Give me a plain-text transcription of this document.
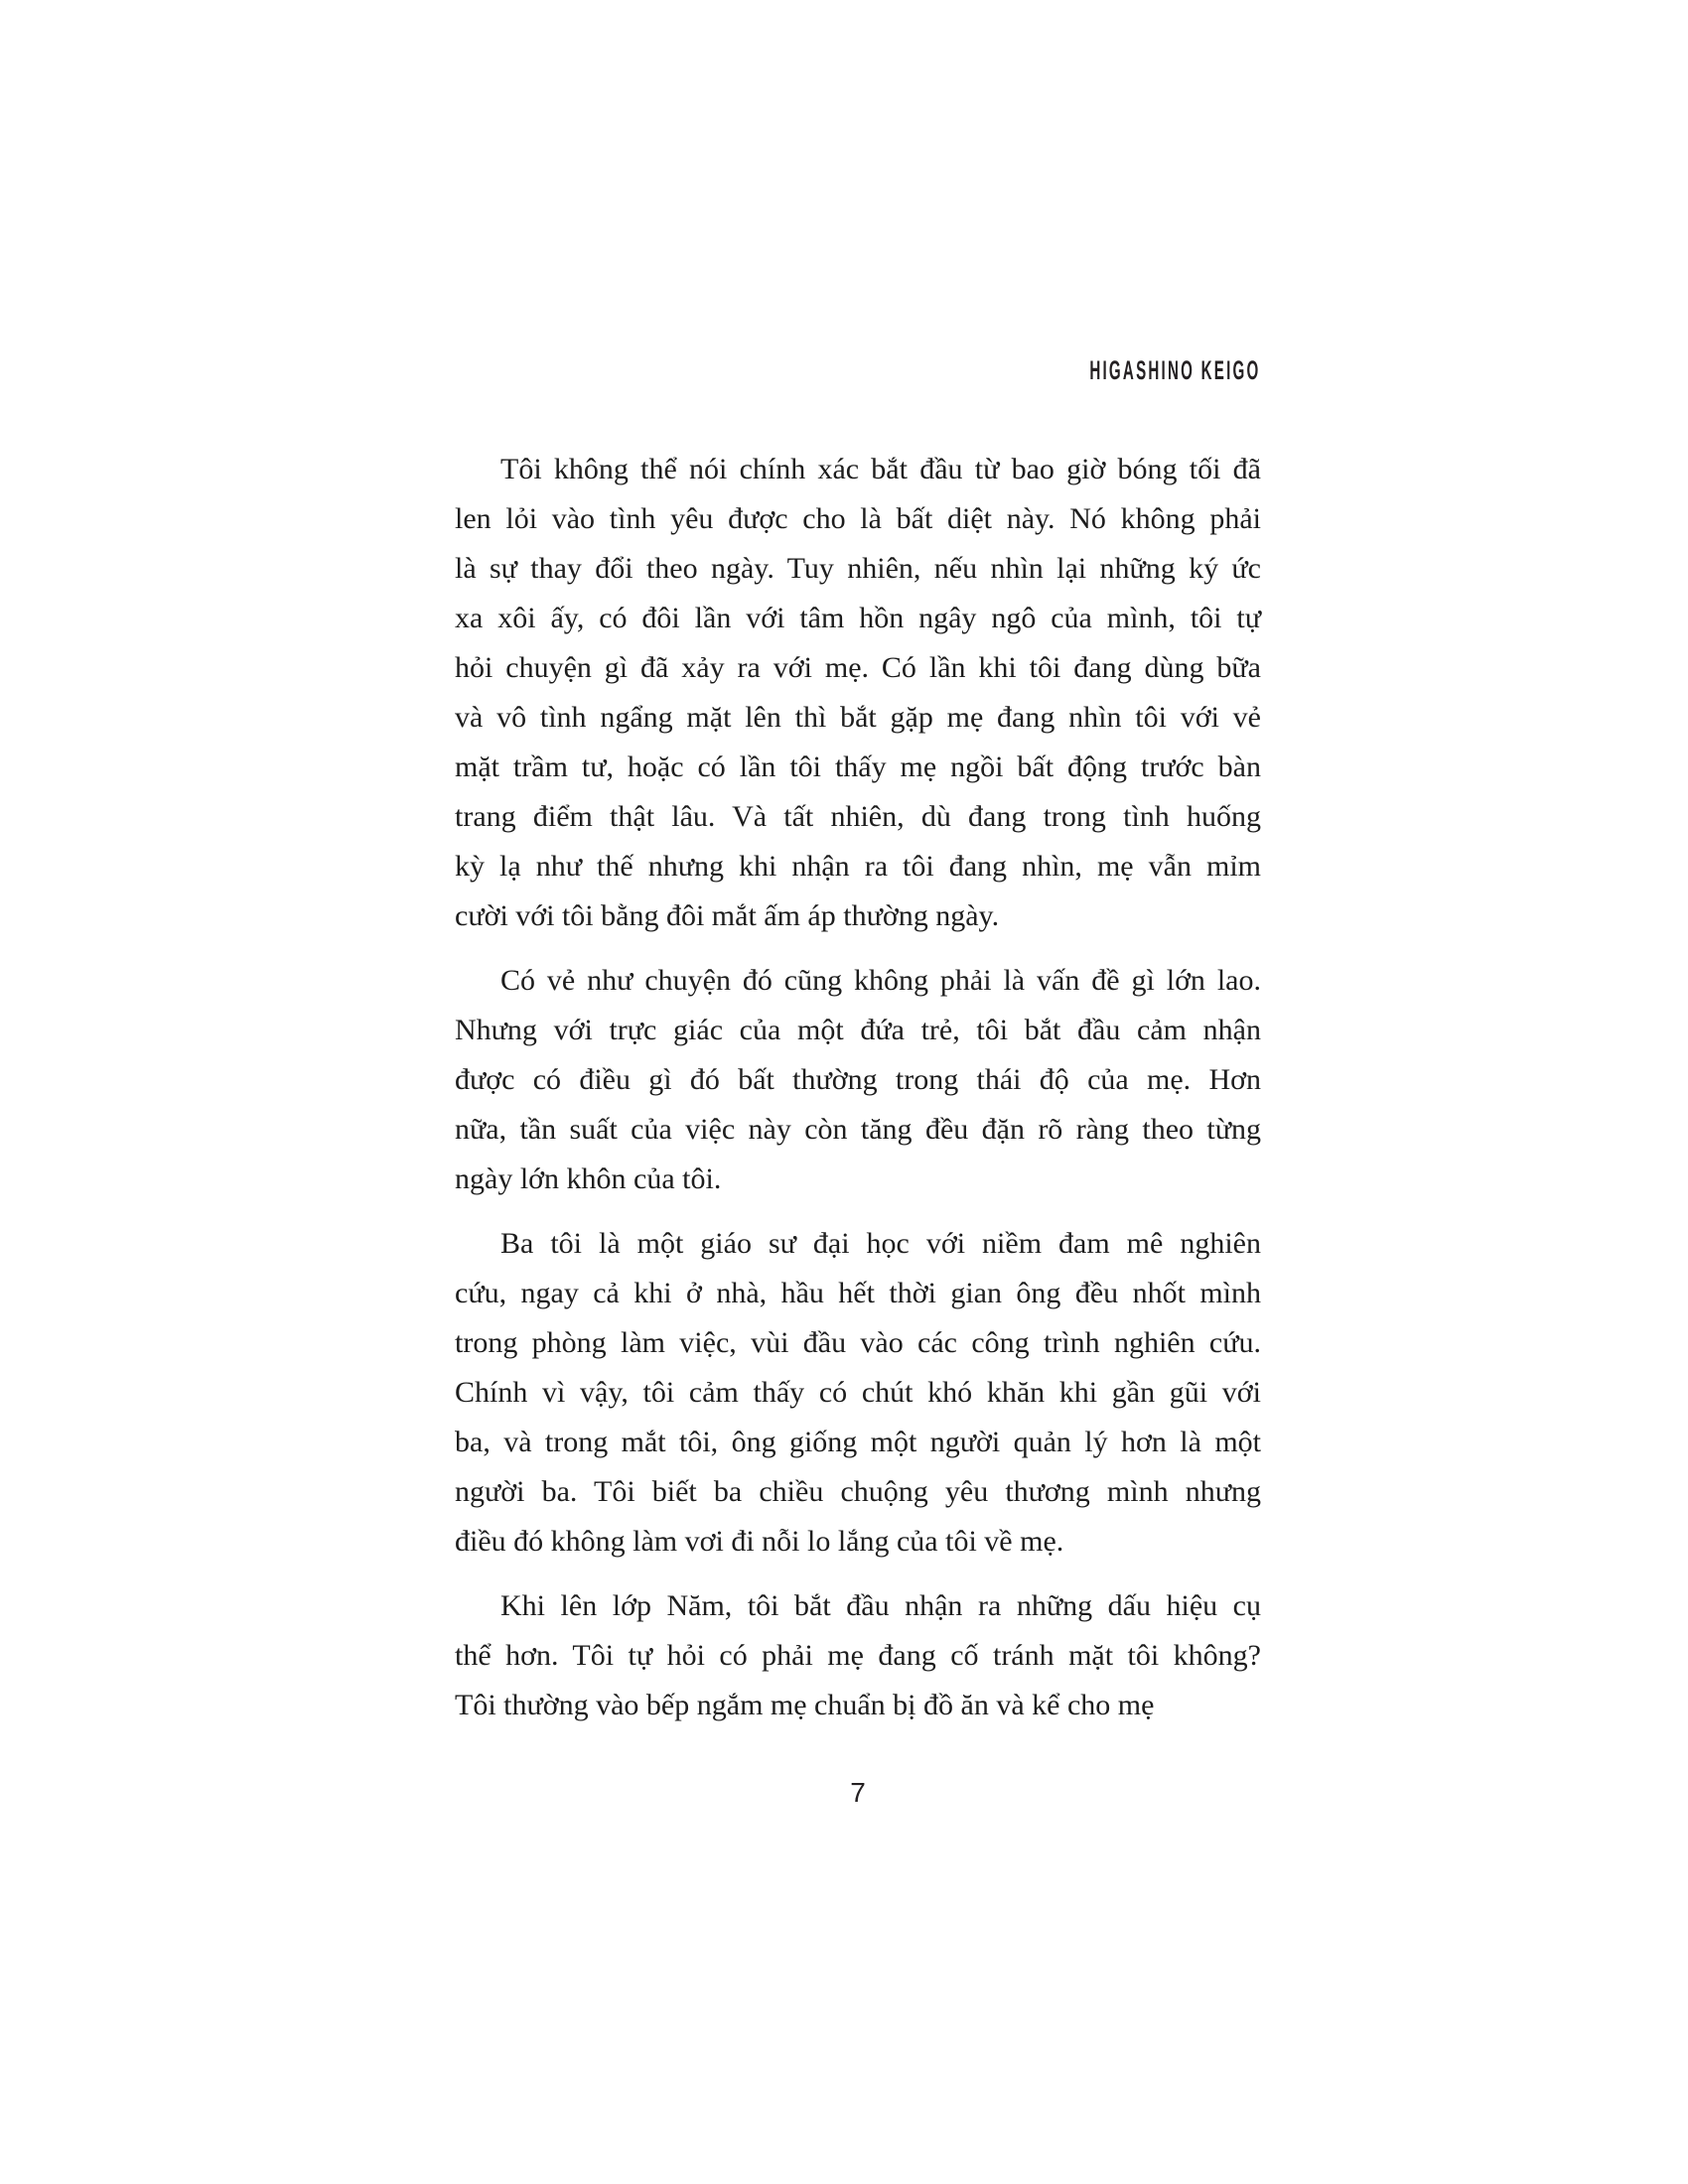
HIGASHINO KEIGO
Tôi không thể nói chính xác bắt đầu từ bao giờ bóng tối đã
len lỏi vào tình yêu được cho là bất diệt này. Nó không phải
là sự thay đổi theo ngày. Tuy nhiên, nếu nhìn lại những ký ức
xa xôi ấy, có đôi lần với tâm hồn ngây ngô của mình, tôi tự
hỏi chuyện gì đã xảy ra với mẹ. Có lần khi tôi đang dùng bữa
và vô tình ngẩng mặt lên thì bắt gặp mẹ đang nhìn tôi với vẻ
mặt trầm tư, hoặc có lần tôi thấy mẹ ngồi bất động trước bàn
trang điểm thật lâu. Và tất nhiên, dù đang trong tình huống
kỳ lạ như thế nhưng khi nhận ra tôi đang nhìn, mẹ vẫn mỉm
cười với tôi bằng đôi mắt ấm áp thường ngày.
Có vẻ như chuyện đó cũng không phải là vấn đề gì lớn lao.
Nhưng với trực giác của một đứa trẻ, tôi bắt đầu cảm nhận
được có điều gì đó bất thường trong thái độ của mẹ. Hơn
nữa, tần suất của việc này còn tăng đều đặn rõ ràng theo từng
ngày lớn khôn của tôi.
Ba tôi là một giáo sư đại học với niềm đam mê nghiên
cứu, ngay cả khi ở nhà, hầu hết thời gian ông đều nhốt mình
trong phòng làm việc, vùi đầu vào các công trình nghiên cứu.
Chính vì vậy, tôi cảm thấy có chút khó khăn khi gần gũi với
ba, và trong mắt tôi, ông giống một người quản lý hơn là một
người ba. Tôi biết ba chiều chuộng yêu thương mình nhưng
điều đó không làm vơi đi nỗi lo lắng của tôi về mẹ.
Khi lên lớp Năm, tôi bắt đầu nhận ra những dấu hiệu cụ
thể hơn. Tôi tự hỏi có phải mẹ đang cố tránh mặt tôi không?
Tôi thường vào bếp ngắm mẹ chuẩn bị đồ ăn và kể cho mẹ
7
